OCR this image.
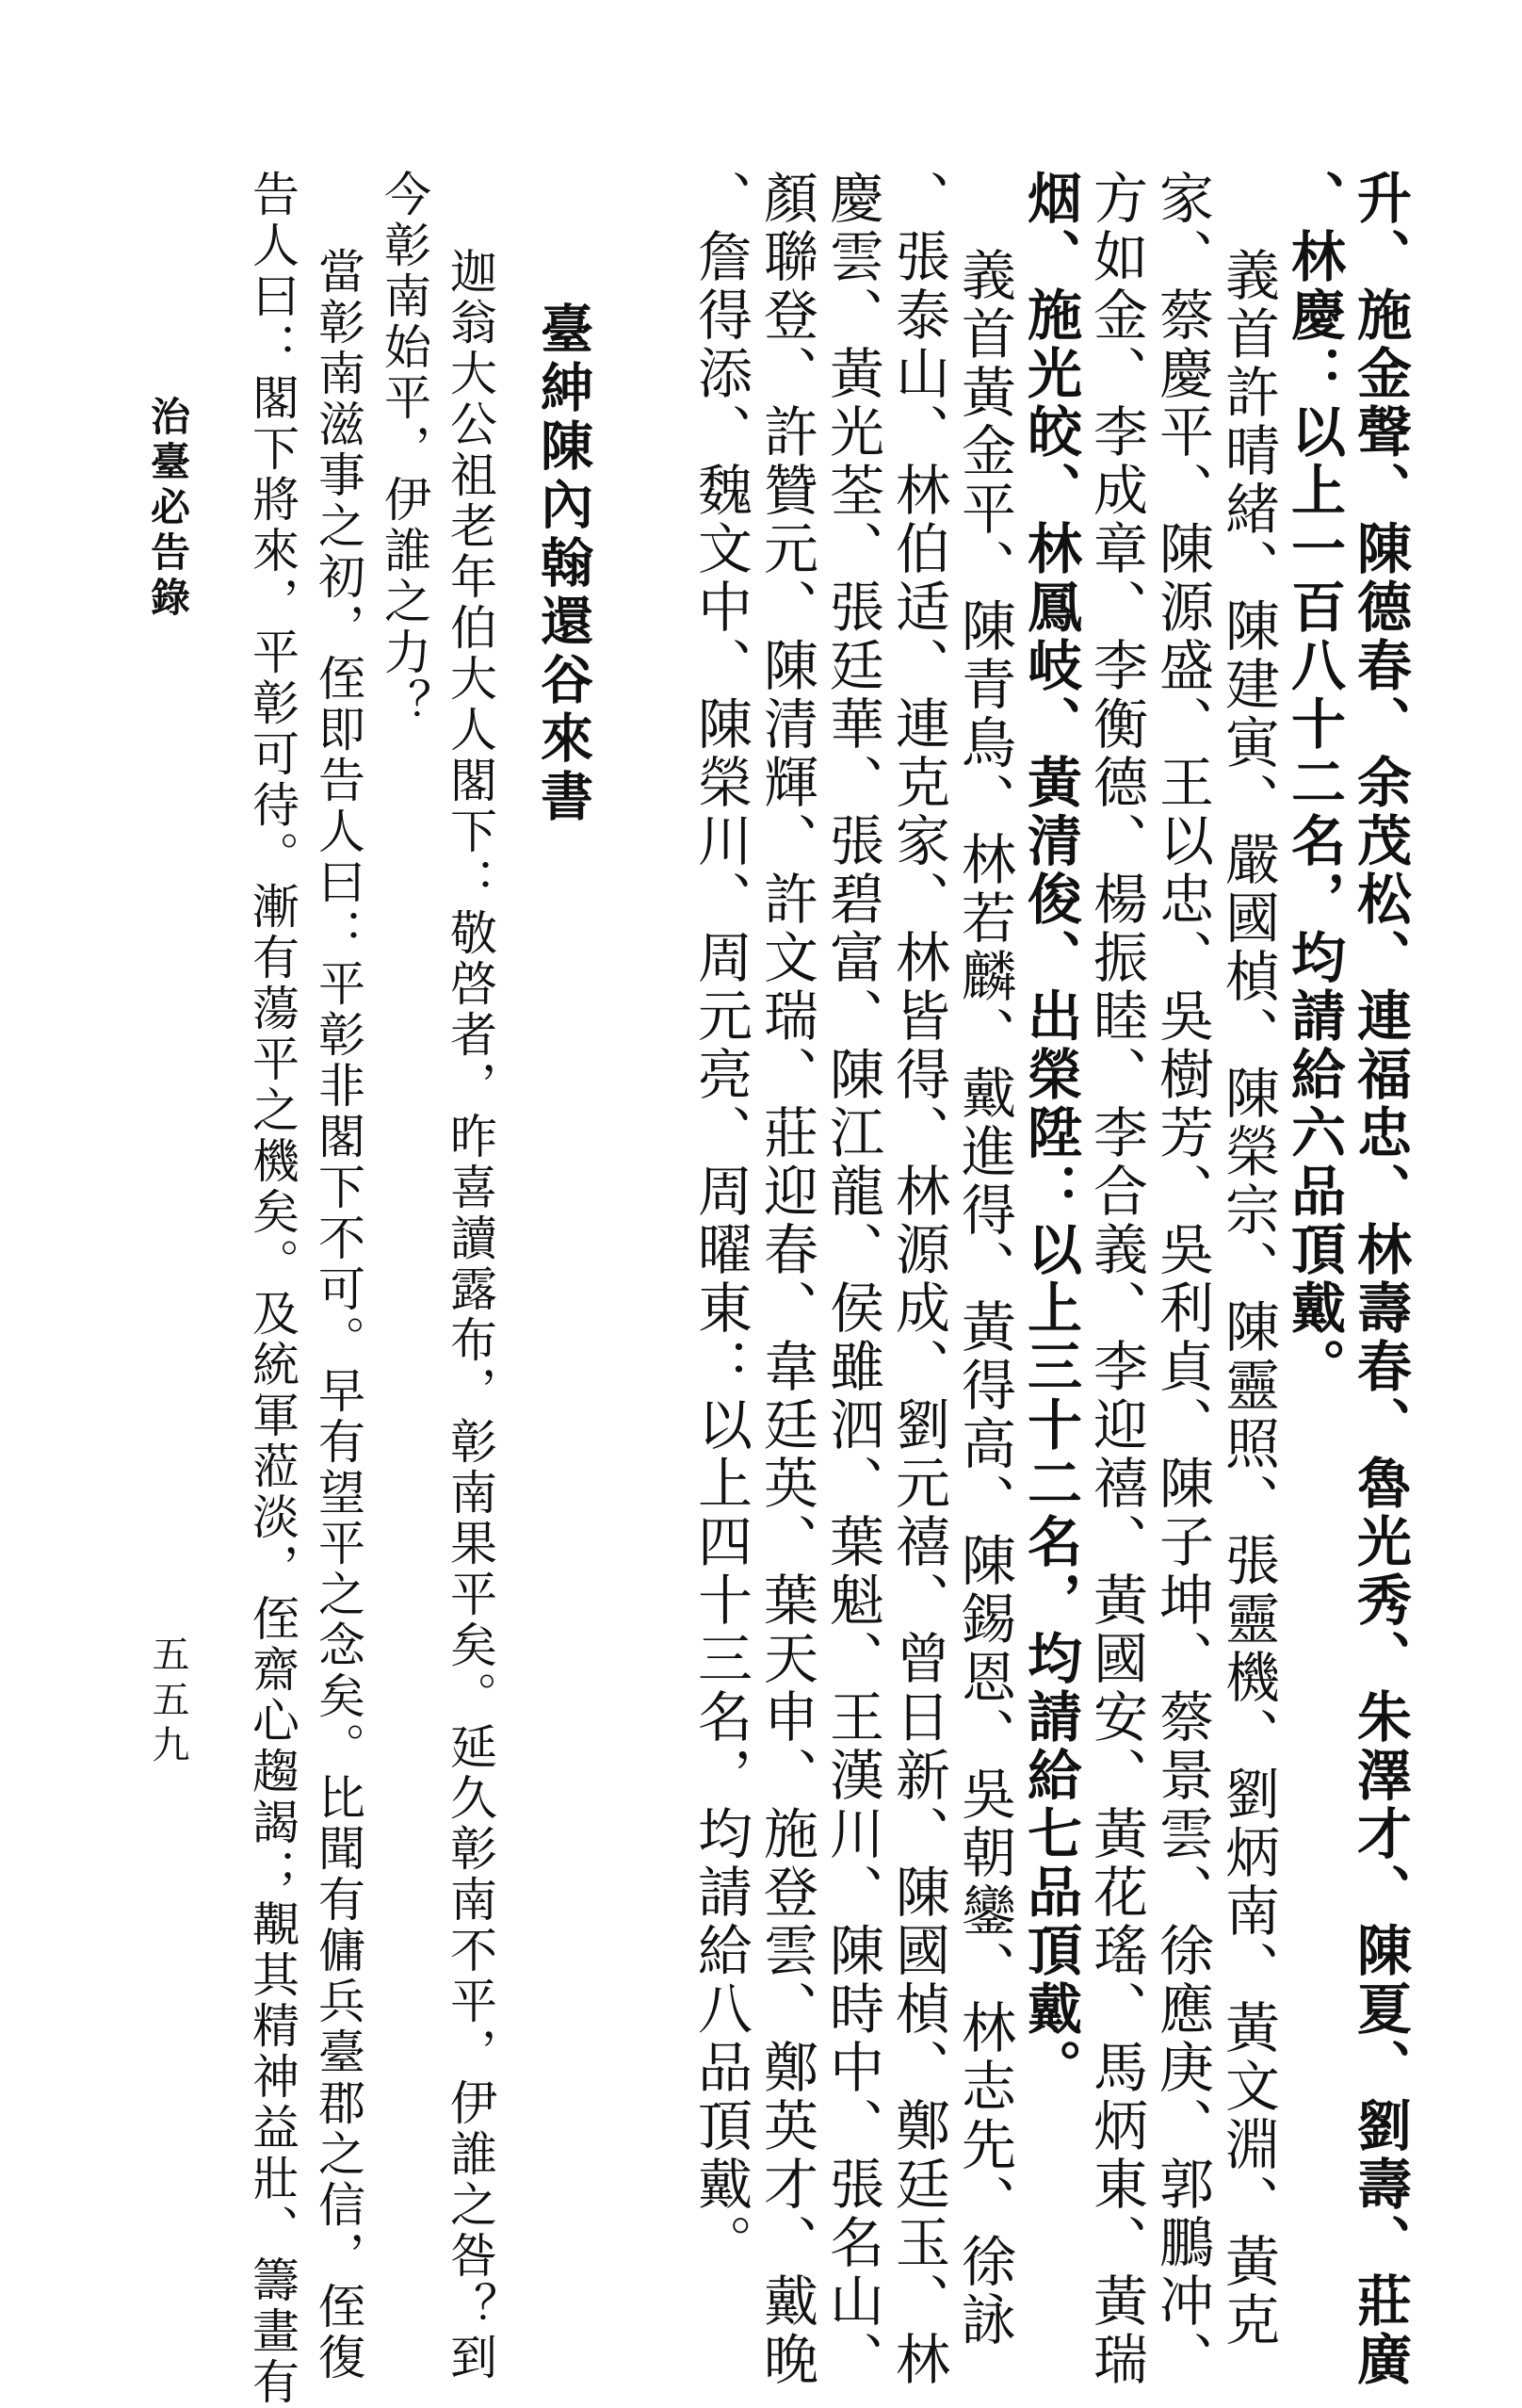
升、施金聲、陳德春、余茂松、連福忠、林壽春、魯光秀、朱澤才、陳夏、劉壽、莊廣
、林慶：以上一百八十二名，均請給六品頂戴。
義首許晴緒、陳建寅、嚴國楨、陳榮宗、陳靈照、張靈機、劉炳南、黃文淵、黃克
家、蔡慶平、陳源盛、王以忠、吳樹芳、吳利貞、陳子坤、蔡景雲、徐應庚、郭鵬冲、
方如金、李成章、李衡德、楊振睦、李合義、李迎禧、黃國安、黃花瑤、馬炳東、黃瑞
烟、施光皎、林鳳岐、黃清俊、出榮陞：以上三十二名，均請給七品頂戴。
義首黃金平、陳青鳥、林若麟、戴進得、黃得高、陳錫恩、吳朝鑾、林志先、徐詠
、張泰山、林伯适、連克家、林皆得、林源成、劉元禧、曾日新、陳國楨、鄭廷玉、林
慶雲、黃光荃、張廷華、張碧富、陳江龍、侯雖泗、葉魁、王漢川、陳時中、張名山、
顏聯登、許贊元、陳清輝、許文瑞、莊迎春、韋廷英、葉天申、施登雲、鄭英才、戴晚
、詹得添、魏文中、陳榮川、周元亮、周曜東：以上四十三名，均請給八品頂戴。
臺紳陳內翰還谷來書
迦翁大公祖老年伯大人閣下：敬啓者，昨喜讀露布，彰南果平矣。延久彰南不平，伊誰之咎？到
今彰南始平，伊誰之力？
當彰南滋事之初，侄即告人曰：平彰非閣下不可。早有望平之念矣。比聞有傭兵臺郡之信，侄復
告人曰：閣下將來，平彰可待。漸有蕩平之機矣。及統軍蒞淡，侄齋心趨謁；覯其精神益壯、籌畫有
治臺必告錄
五五九
